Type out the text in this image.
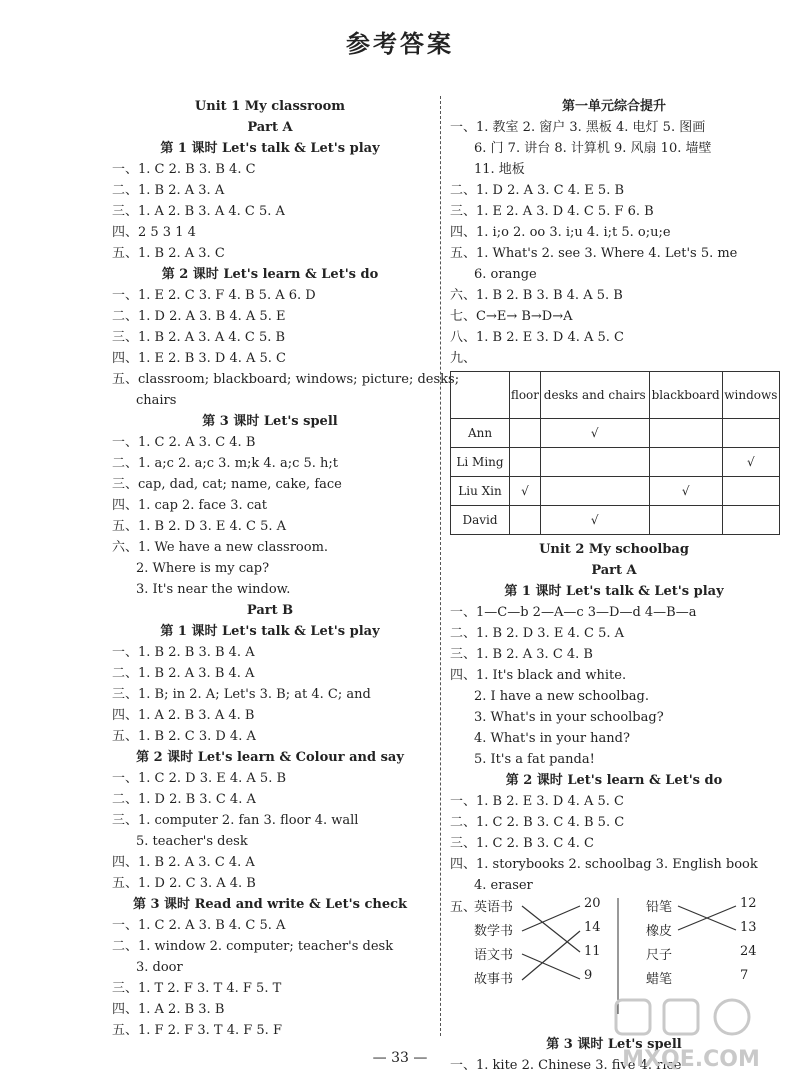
参考答案
Unit 1 My classroom
Part A
第 1 课时 Let's talk & Let's play
一、1. C 2. B 3. B 4. C
二、1. B 2. A 3. A
三、1. A 2. B 3. A 4. C 5. A
四、2 5 3 1 4
五、1. B 2. A 3. C
第 2 课时 Let's learn & Let's do
一、1. E 2. C 3. F 4. B 5. A 6. D
二、1. D 2. A 3. B 4. A 5. E
三、1. B 2. A 3. A 4. C 5. B
四、1. E 2. B 3. D 4. A 5. C
五、classroom; blackboard; windows; picture; desks;
chairs
第 3 课时 Let's spell
一、1. C 2. A 3. C 4. B
二、1. a;c 2. a;c 3. m;k 4. a;c 5. h;t
三、cap, dad, cat; name, cake, face
四、1. cap 2. face 3. cat
五、1. B 2. D 3. E 4. C 5. A
六、1. We have a new classroom.
2. Where is my cap?
3. It's near the window.
Part B
第 1 课时 Let's talk & Let's play
一、1. B 2. B 3. B 4. A
二、1. B 2. A 3. B 4. A
三、1. B; in 2. A; Let's 3. B; at 4. C; and
四、1. A 2. B 3. A 4. B
五、1. B 2. C 3. D 4. A
第 2 课时 Let's learn & Colour and say
一、1. C 2. D 3. E 4. A 5. B
二、1. D 2. B 3. C 4. A
三、1. computer 2. fan 3. floor 4. wall
5. teacher's desk
四、1. B 2. A 3. C 4. A
五、1. D 2. C 3. A 4. B
第 3 课时 Read and write & Let's check
一、1. C 2. A 3. B 4. C 5. A
二、1. window 2. computer; teacher's desk
3. door
三、1. T 2. F 3. T 4. F 5. T
四、1. A 2. B 3. B
五、1. F 2. F 3. T 4. F 5. F
第一单元综合提升
一、1. 教室 2. 窗户 3. 黑板 4. 电灯 5. 图画
6. 门 7. 讲台 8. 计算机 9. 风扇 10. 墙壁
11. 地板
二、1. D 2. A 3. C 4. E 5. B
三、1. E 2. A 3. D 4. C 5. F 6. B
四、1. i;o 2. oo 3. i;u 4. i;t 5. o;u;e
五、1. What's 2. see 3. Where 4. Let's 5. me
6. orange
六、1. B 2. B 3. B 4. A 5. B
七、C→E→ B→D→A
八、1. B 2. E 3. D 4. A 5. C
九、
	floor	desks and chairs	blackboard	windows
Ann		√		
Li Ming				√
Liu Xin	√		√	
David		√		
Unit 2 My schoolbag
Part A
第 1 课时 Let's talk & Let's play
一、1—C—b 2—A—c 3—D—d 4—B—a
二、1. B 2. D 3. E 4. C 5. A
三、1. B 2. A 3. C 4. B
四、1. It's black and white.
2. I have a new schoolbag.
3. What's in your schoolbag?
4. What's in your hand?
5. It's a fat panda!
第 2 课时 Let's learn & Let's do
一、1. B 2. E 3. D 4. A 5. C
二、1. C 2. B 3. C 4. B 5. C
三、1. C 2. B 3. C 4. C
四、1. storybooks 2. schoolbag 3. English book
4. eraser
五、
英语书
数学书
语文书
故事书
20
14
11
9
铅笔
橡皮
尺子
蜡笔
12
13
24
7
第 3 课时 Let's spell
一、1. kite 2. Chinese 3. five 4. rice
— 33 —	MXQE.COM
